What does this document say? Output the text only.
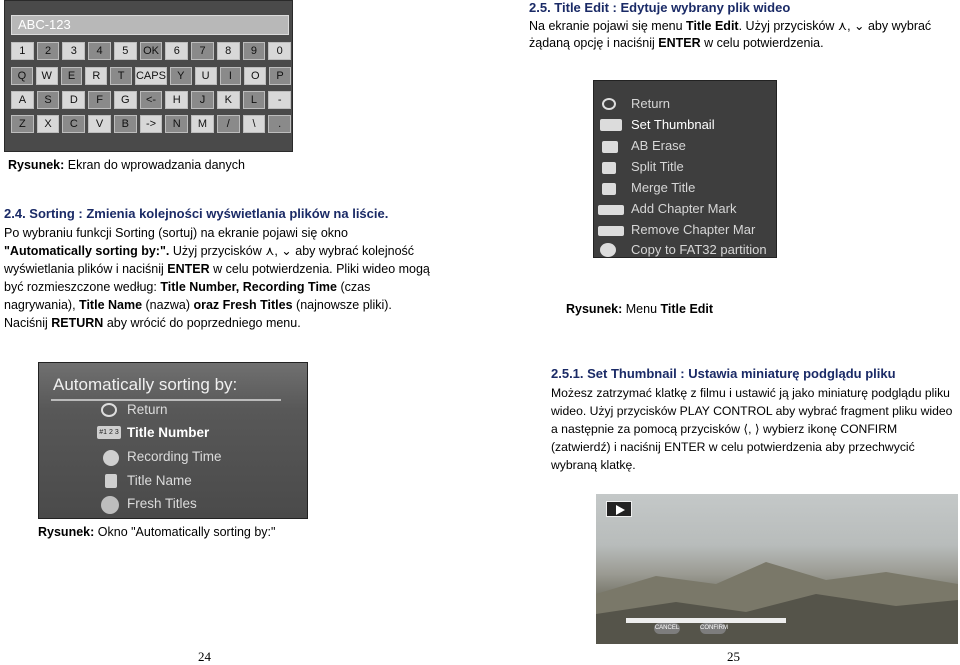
ABC-123
1	2	3	4	5	OK	6	7	8	9	0
Q	W	E	R	T	CAPS	Y	U	I	O	P
A	S	D	F	G	<-	H	J	K	L	-
Z	X	C	V	B	->	N	M	/	\	.
Rysunek: Ekran do wprowadzania danych
2.4. Sorting : Zmienia kolejności wyświetlania plików na liście.
Po wybraniu funkcji Sorting (sortuj) na ekranie pojawi się okno
"Automatically sorting by:". Użyj przycisków ⋏, ⌄ aby wybrać kolejność
wyświetlania plików i naciśnij ENTER w celu potwierdzenia. Pliki wideo mogą
być rozmieszczone według: Title Number, Recording Time (czas
nagrywania), Title Name (nazwa) oraz Fresh Titles (najnowsze pliki).
Naciśnij RETURN aby wrócić do poprzedniego menu.
Automatically sorting by:
Return
#1 2 3 Title Number
Recording Time
Title Name
Fresh Titles
Rysunek: Okno "Automatically sorting by:"
24
2.5. Title Edit : Edytuje wybrany plik wideo
Na ekranie pojawi się menu Title Edit. Użyj przycisków ⋏, ⌄ aby wybrać
żądaną opcję i naciśnij ENTER w celu potwierdzenia.
Return
Set Thumbnail
AB Erase
Split Title
Merge Title
Add Chapter Mark
Remove Chapter Mar
Copy to FAT32 partition
Rysunek: Menu Title Edit
2.5.1. Set Thumbnail : Ustawia miniaturę podglądu pliku
Możesz zatrzymać klatkę z filmu i ustawić ją jako miniaturę podglądu pliku
wideo. Użyj przycisków PLAY CONTROL aby wybrać fragment pliku wideo
a następnie za pomocą przycisków ⟨, ⟩ wybierz ikonę CONFIRM
(zatwierdź) i naciśnij ENTER w celu potwierdzenia aby przechwycić
wybraną klatkę.
CANCEL	CONFIRM
25
